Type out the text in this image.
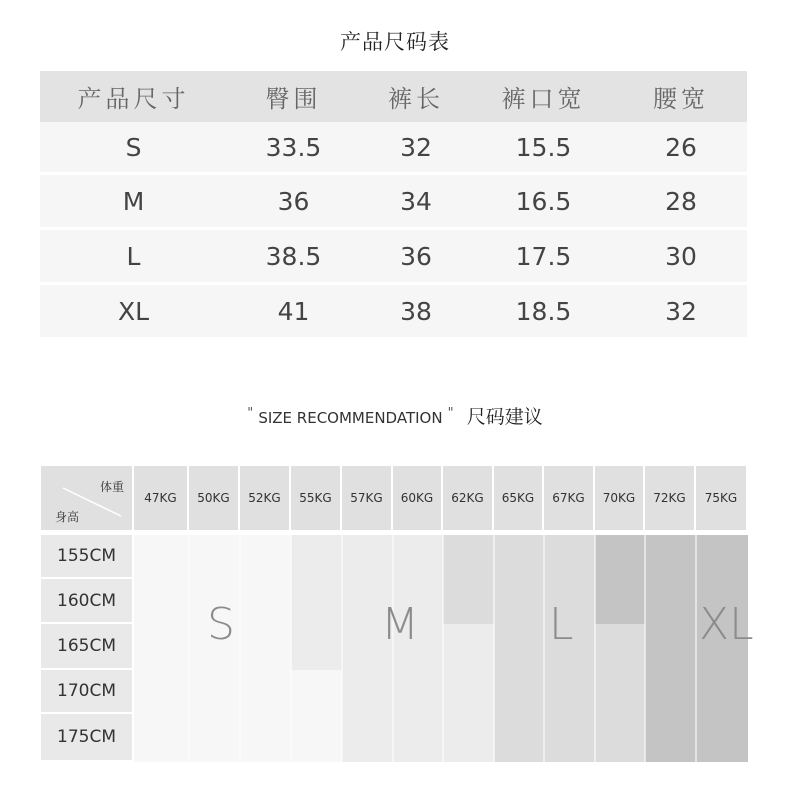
产品尺码表
产品尺寸	臀围	裤长	裤口宽	腰宽
S	33.5	32	15.5	26
M	36	34	16.5	28
L	38.5	36	17.5	30
XL	41	38	18.5	32
" SIZE RECOMMENDATION " 尺码建议
体重
身高
47KG	50KG	52KG	55KG	57KG	60KG	62KG	65KG	67KG	70KG	72KG	75KG
155CM
160CM
165CM
170CM
175CM
S	M	L	XL
